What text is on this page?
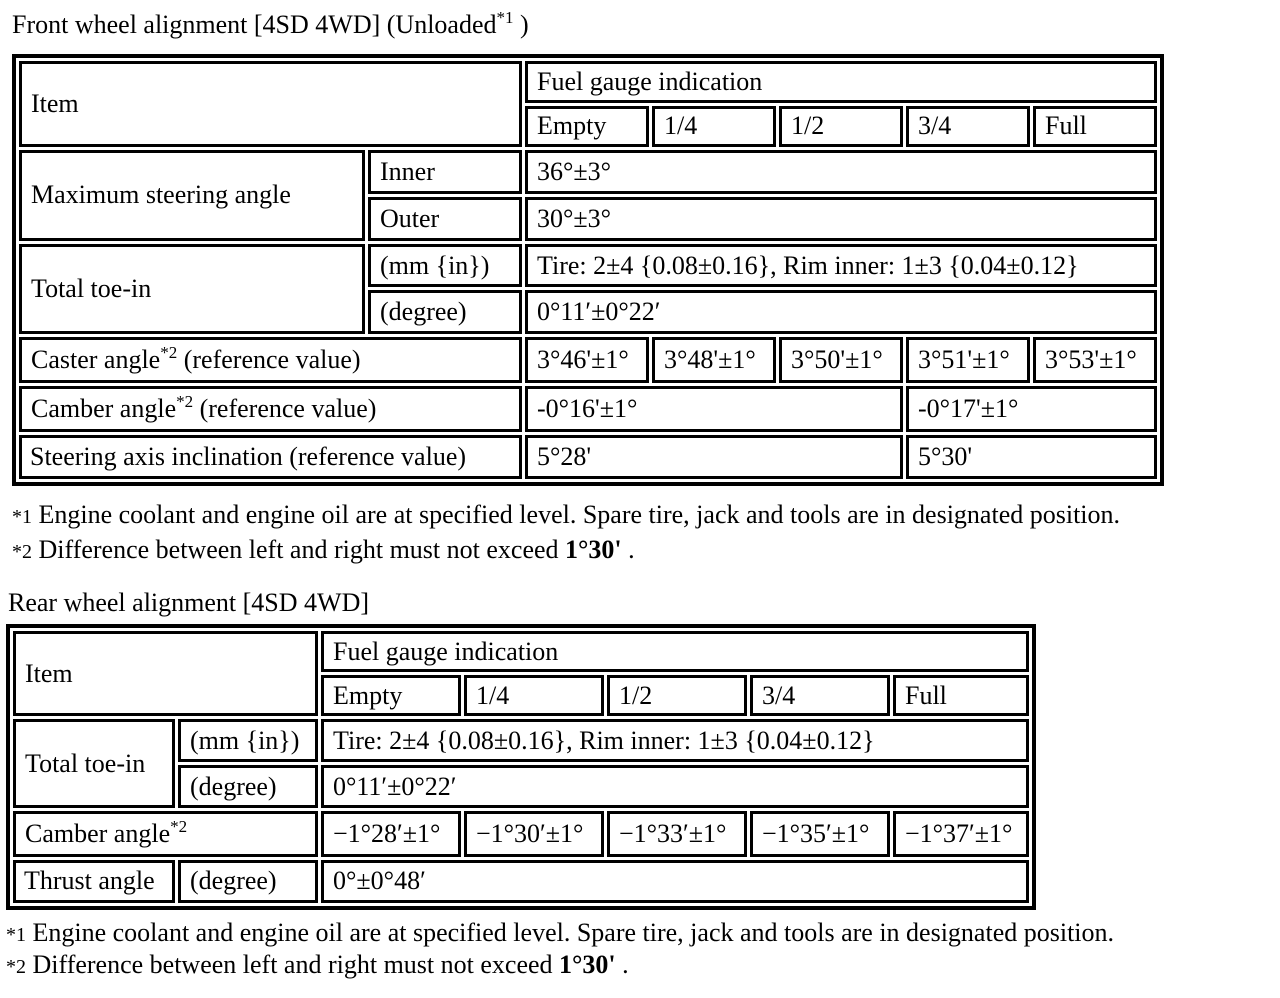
Front wheel alignment [4SD 4WD] (Unloaded$^{*1}$ )
Item		Fuel gauge indication				
		Empty	1/4	1/2	3/4	Full
Maximum steering angle	Inner	36°±3°				
	Outer	30°±3°				
Total toe-in	(mm {in})	Tire: 2±4 {0.08±0.16}, Rim inner: 1±3 {0.04±0.12}				
	(degree)	0°11′±0°22′				
Caster angle$^{*2}$ (reference value)		3°46'±1°	3°48'±1°	3°50'±1°	3°51'±1°	3°53'±1°
Camber angle$^{*2}$ (reference value)		-0°16'±1°			-0°17'±1°	
Steering axis inclination (reference value)		5°28'			5°30'	
*1 Engine coolant and engine oil are at specified level. Spare tire, jack and tools are in designated position.
*2 Difference between left and right must not exceed 1°30' .
Rear wheel alignment [4SD 4WD]
Item		Fuel gauge indication				
		Empty	1/4	1/2	3/4	Full
Total toe-in	(mm {in})	Tire: 2±4 {0.08±0.16}, Rim inner: 1±3 {0.04±0.12}				
	(degree)	0°11′±0°22′				
Camber angle$^{*2}$		−1°28′±1°	−1°30′±1°	−1°33′±1°	−1°35′±1°	−1°37′±1°
Thrust angle	(degree)	0°±0°48′				
*1 Engine coolant and engine oil are at specified level. Spare tire, jack and tools are in designated position.
*2 Difference between left and right must not exceed 1°30' .
